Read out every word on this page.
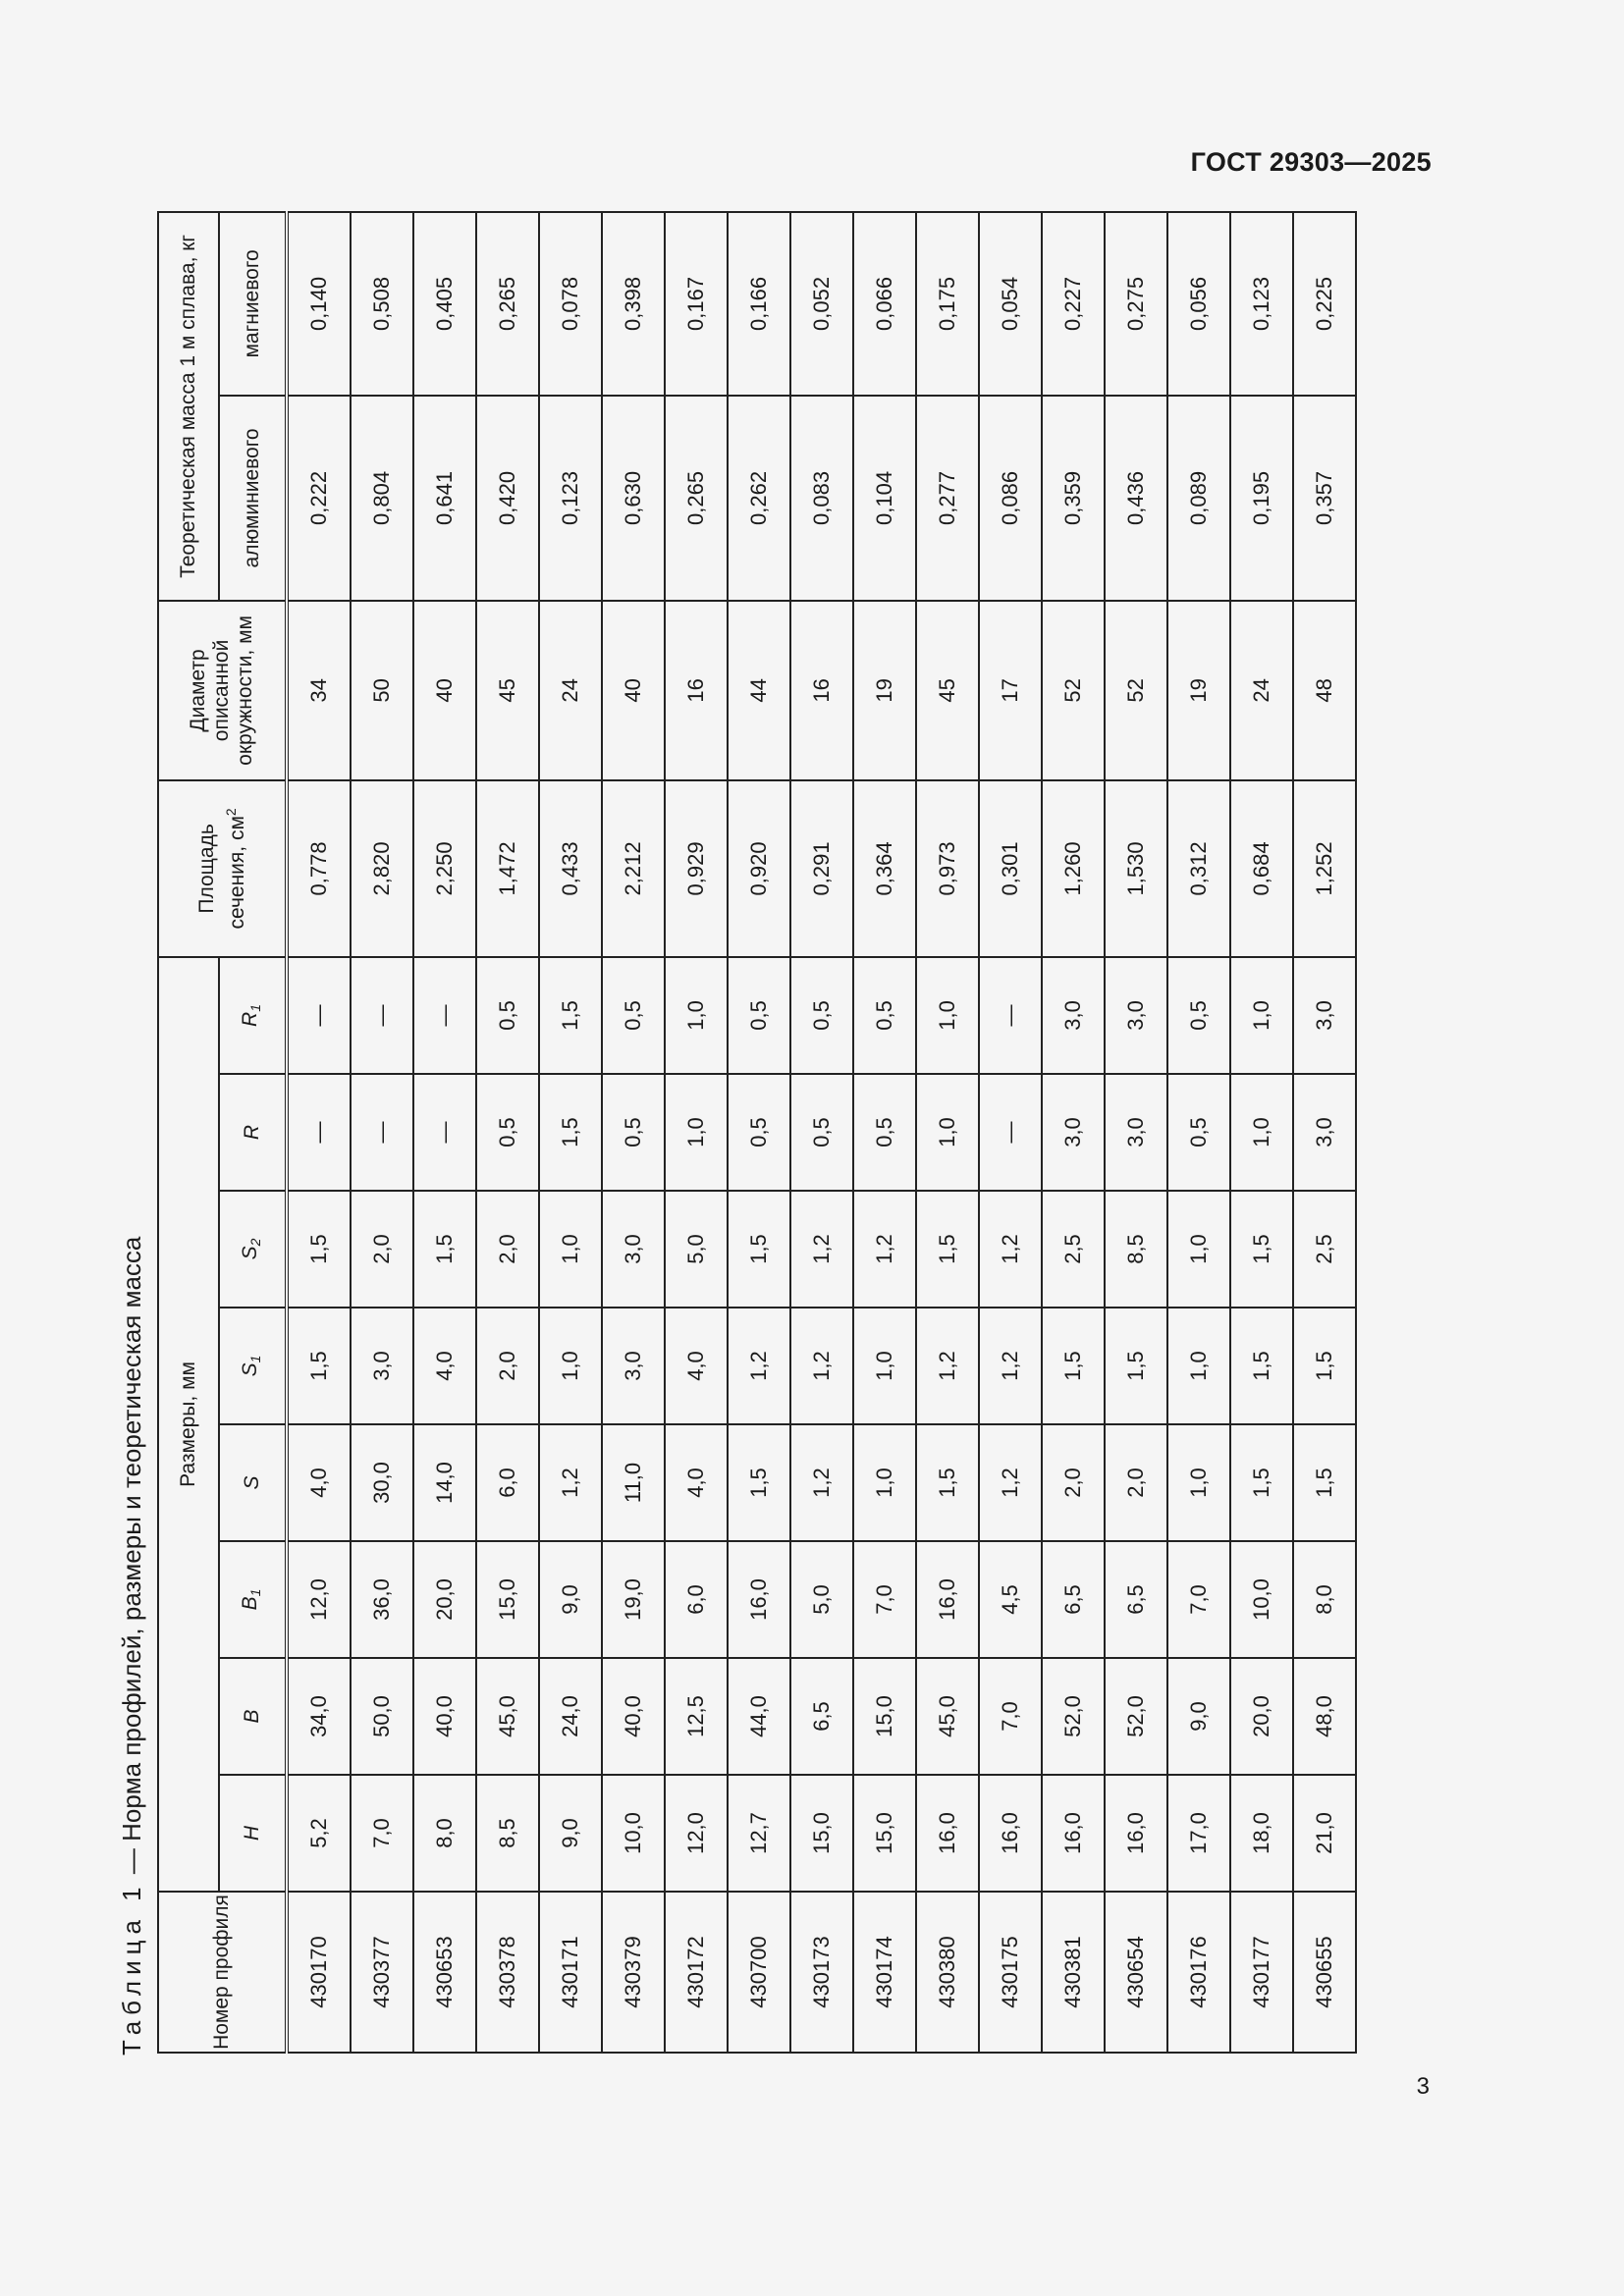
ГОСТ 29303—2025
Таблица 1 — Норма профилей, размеры и теоретическая масса
Номер профиля	Размеры, мм								Площадь сечения, $см^2$	Диаметр описанной окружности, мм	Теоретическая масса 1 м сплава, кг	
	H	B	$B_1$	S	$S_1$	$S_2$	R	$R_1$			алюминиевого	магниевого
430170	5,2	34,0	12,0	4,0	1,5	1,5	—	—	0,778	34	0,222	0,140
430377	7,0	50,0	36,0	30,0	3,0	2,0	—	—	2,820	50	0,804	0,508
430653	8,0	40,0	20,0	14,0	4,0	1,5	—	—	2,250	40	0,641	0,405
430378	8,5	45,0	15,0	6,0	2,0	2,0	0,5	0,5	1,472	45	0,420	0,265
430171	9,0	24,0	9,0	1,2	1,0	1,0	1,5	1,5	0,433	24	0,123	0,078
430379	10,0	40,0	19,0	11,0	3,0	3,0	0,5	0,5	2,212	40	0,630	0,398
430172	12,0	12,5	6,0	4,0	4,0	5,0	1,0	1,0	0,929	16	0,265	0,167
430700	12,7	44,0	16,0	1,5	1,2	1,5	0,5	0,5	0,920	44	0,262	0,166
430173	15,0	6,5	5,0	1,2	1,2	1,2	0,5	0,5	0,291	16	0,083	0,052
430174	15,0	15,0	7,0	1,0	1,0	1,2	0,5	0,5	0,364	19	0,104	0,066
430380	16,0	45,0	16,0	1,5	1,2	1,5	1,0	1,0	0,973	45	0,277	0,175
430175	16,0	7,0	4,5	1,2	1,2	1,2	—	—	0,301	17	0,086	0,054
430381	16,0	52,0	6,5	2,0	1,5	2,5	3,0	3,0	1,260	52	0,359	0,227
430654	16,0	52,0	6,5	2,0	1,5	8,5	3,0	3,0	1,530	52	0,436	0,275
430176	17,0	9,0	7,0	1,0	1,0	1,0	0,5	0,5	0,312	19	0,089	0,056
430177	18,0	20,0	10,0	1,5	1,5	1,5	1,0	1,0	0,684	24	0,195	0,123
430655	21,0	48,0	8,0	1,5	1,5	2,5	3,0	3,0	1,252	48	0,357	0,225
3
